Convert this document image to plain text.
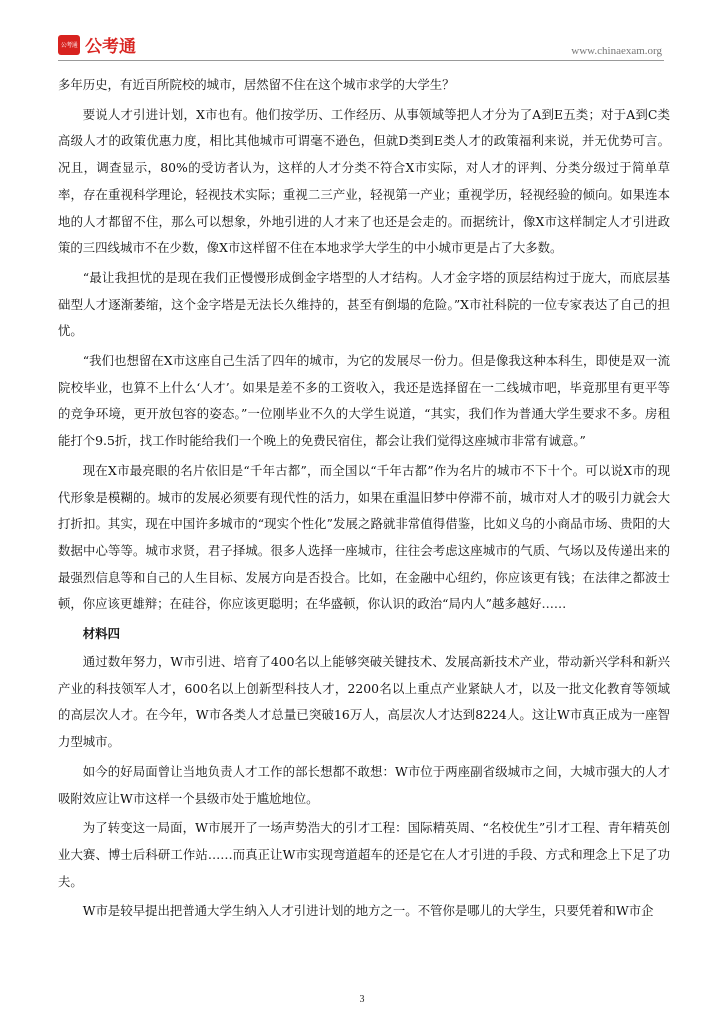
公考通 公考通	www.chinaexam.org

多年历史，有近百所院校的城市，居然留不住在这个城市求学的大学生？

要说人才引进计划，X市也有。他们按学历、工作经历、从事领域等把人才分为了A到E五类；对于A到C类高级人才的政策优惠力度，相比其他城市可谓毫不逊色，但就D类到E类人才的政策福利来说，并无优势可言。况且，调查显示，80%的受访者认为，这样的人才分类不符合X市实际，对人才的评判、分类分级过于简单草率，存在重视科学理论，轻视技术实际；重视二三产业，轻视第一产业；重视学历，轻视经验的倾向。如果连本地的人才都留不住，那么可以想象，外地引进的人才来了也还是会走的。而据统计，像X市这样制定人才引进政策的三四线城市不在少数，像X市这样留不住在本地求学大学生的中小城市更是占了大多数。

“最让我担忧的是现在我们正慢慢形成倒金字塔型的人才结构。人才金字塔的顶层结构过于庞大，而底层基础型人才逐渐萎缩，这个金字塔是无法长久维持的，甚至有倒塌的危险。”X市社科院的一位专家表达了自己的担忧。

“我们也想留在X市这座自己生活了四年的城市，为它的发展尽一份力。但是像我这种本科生，即使是双一流院校毕业，也算不上什么‘人才’。如果是差不多的工资收入，我还是选择留在一二线城市吧，毕竟那里有更平等的竞争环境，更开放包容的姿态。”一位刚毕业不久的大学生说道，“其实，我们作为普通大学生要求不多。房租能打个9.5折，找工作时能给我们一个晚上的免费民宿住，都会让我们觉得这座城市非常有诚意。”

现在X市最亮眼的名片依旧是“千年古都”，而全国以“千年古都”作为名片的城市不下十个。可以说X市的现代形象是模糊的。城市的发展必须要有现代性的活力，如果在重温旧梦中停滞不前，城市对人才的吸引力就会大打折扣。其实，现在中国许多城市的“现实个性化”发展之路就非常值得借鉴，比如义乌的小商品市场、贵阳的大数据中心等等。城市求贤，君子择城。很多人选择一座城市，往往会考虑这座城市的气质、气场以及传递出来的最强烈信息等和自己的人生目标、发展方向是否投合。比如，在金融中心纽约，你应该更有钱；在法律之都波士顿，你应该更雄辩；在硅谷，你应该更聪明；在华盛顿，你认识的政治“局内人”越多越好……

材料四

通过数年努力，W市引进、培育了400名以上能够突破关键技术、发展高新技术产业，带动新兴学科和新兴产业的科技领军人才，600名以上创新型科技人才，2200名以上重点产业紧缺人才，以及一批文化教育等领域的高层次人才。在今年，W市各类人才总量已突破16万人，高层次人才达到8224人。这让W市真正成为一座智力型城市。

如今的好局面曾让当地负责人才工作的部长想都不敢想：W市位于两座副省级城市之间，大城市强大的人才吸附效应让W市这样一个县级市处于尴尬地位。

为了转变这一局面，W市展开了一场声势浩大的引才工程：国际精英周、“名校优生”引才工程、青年精英创业大赛、博士后科研工作站……而真正让W市实现弯道超车的还是它在人才引进的手段、方式和理念上下足了功夫。

W市是较早提出把普通大学生纳入人才引进计划的地方之一。不管你是哪儿的大学生，只要凭着和W市企

3
